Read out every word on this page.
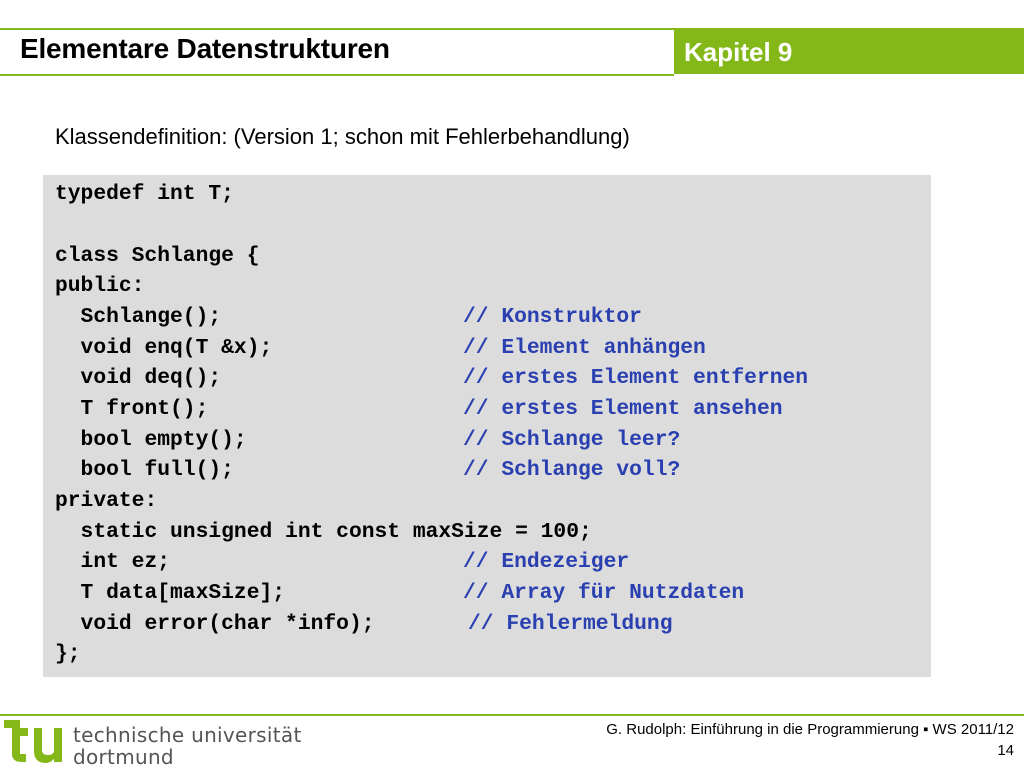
Elementare Datenstrukturen	Kapitel 9
Klassendefinition: (Version 1; schon mit Fehlerbehandlung)
typedef int T;
class Schlange {
public:
Schlange();	// Konstruktor
void enq(T &x);	// Element anhängen
void deq();	// erstes Element entfernen
T front();	// erstes Element ansehen
bool empty();	// Schlange leer?
bool full();	// Schlange voll?
private:
static unsigned int const maxSize = 100;
int ez;	// Endezeiger
T data[maxSize];	// Array für Nutzdaten
void error(char *info);	// Fehlermeldung
};
technische universität
dortmund
G. Rudolph: Einführung in die Programmierung ▪ WS 2011/12
14
